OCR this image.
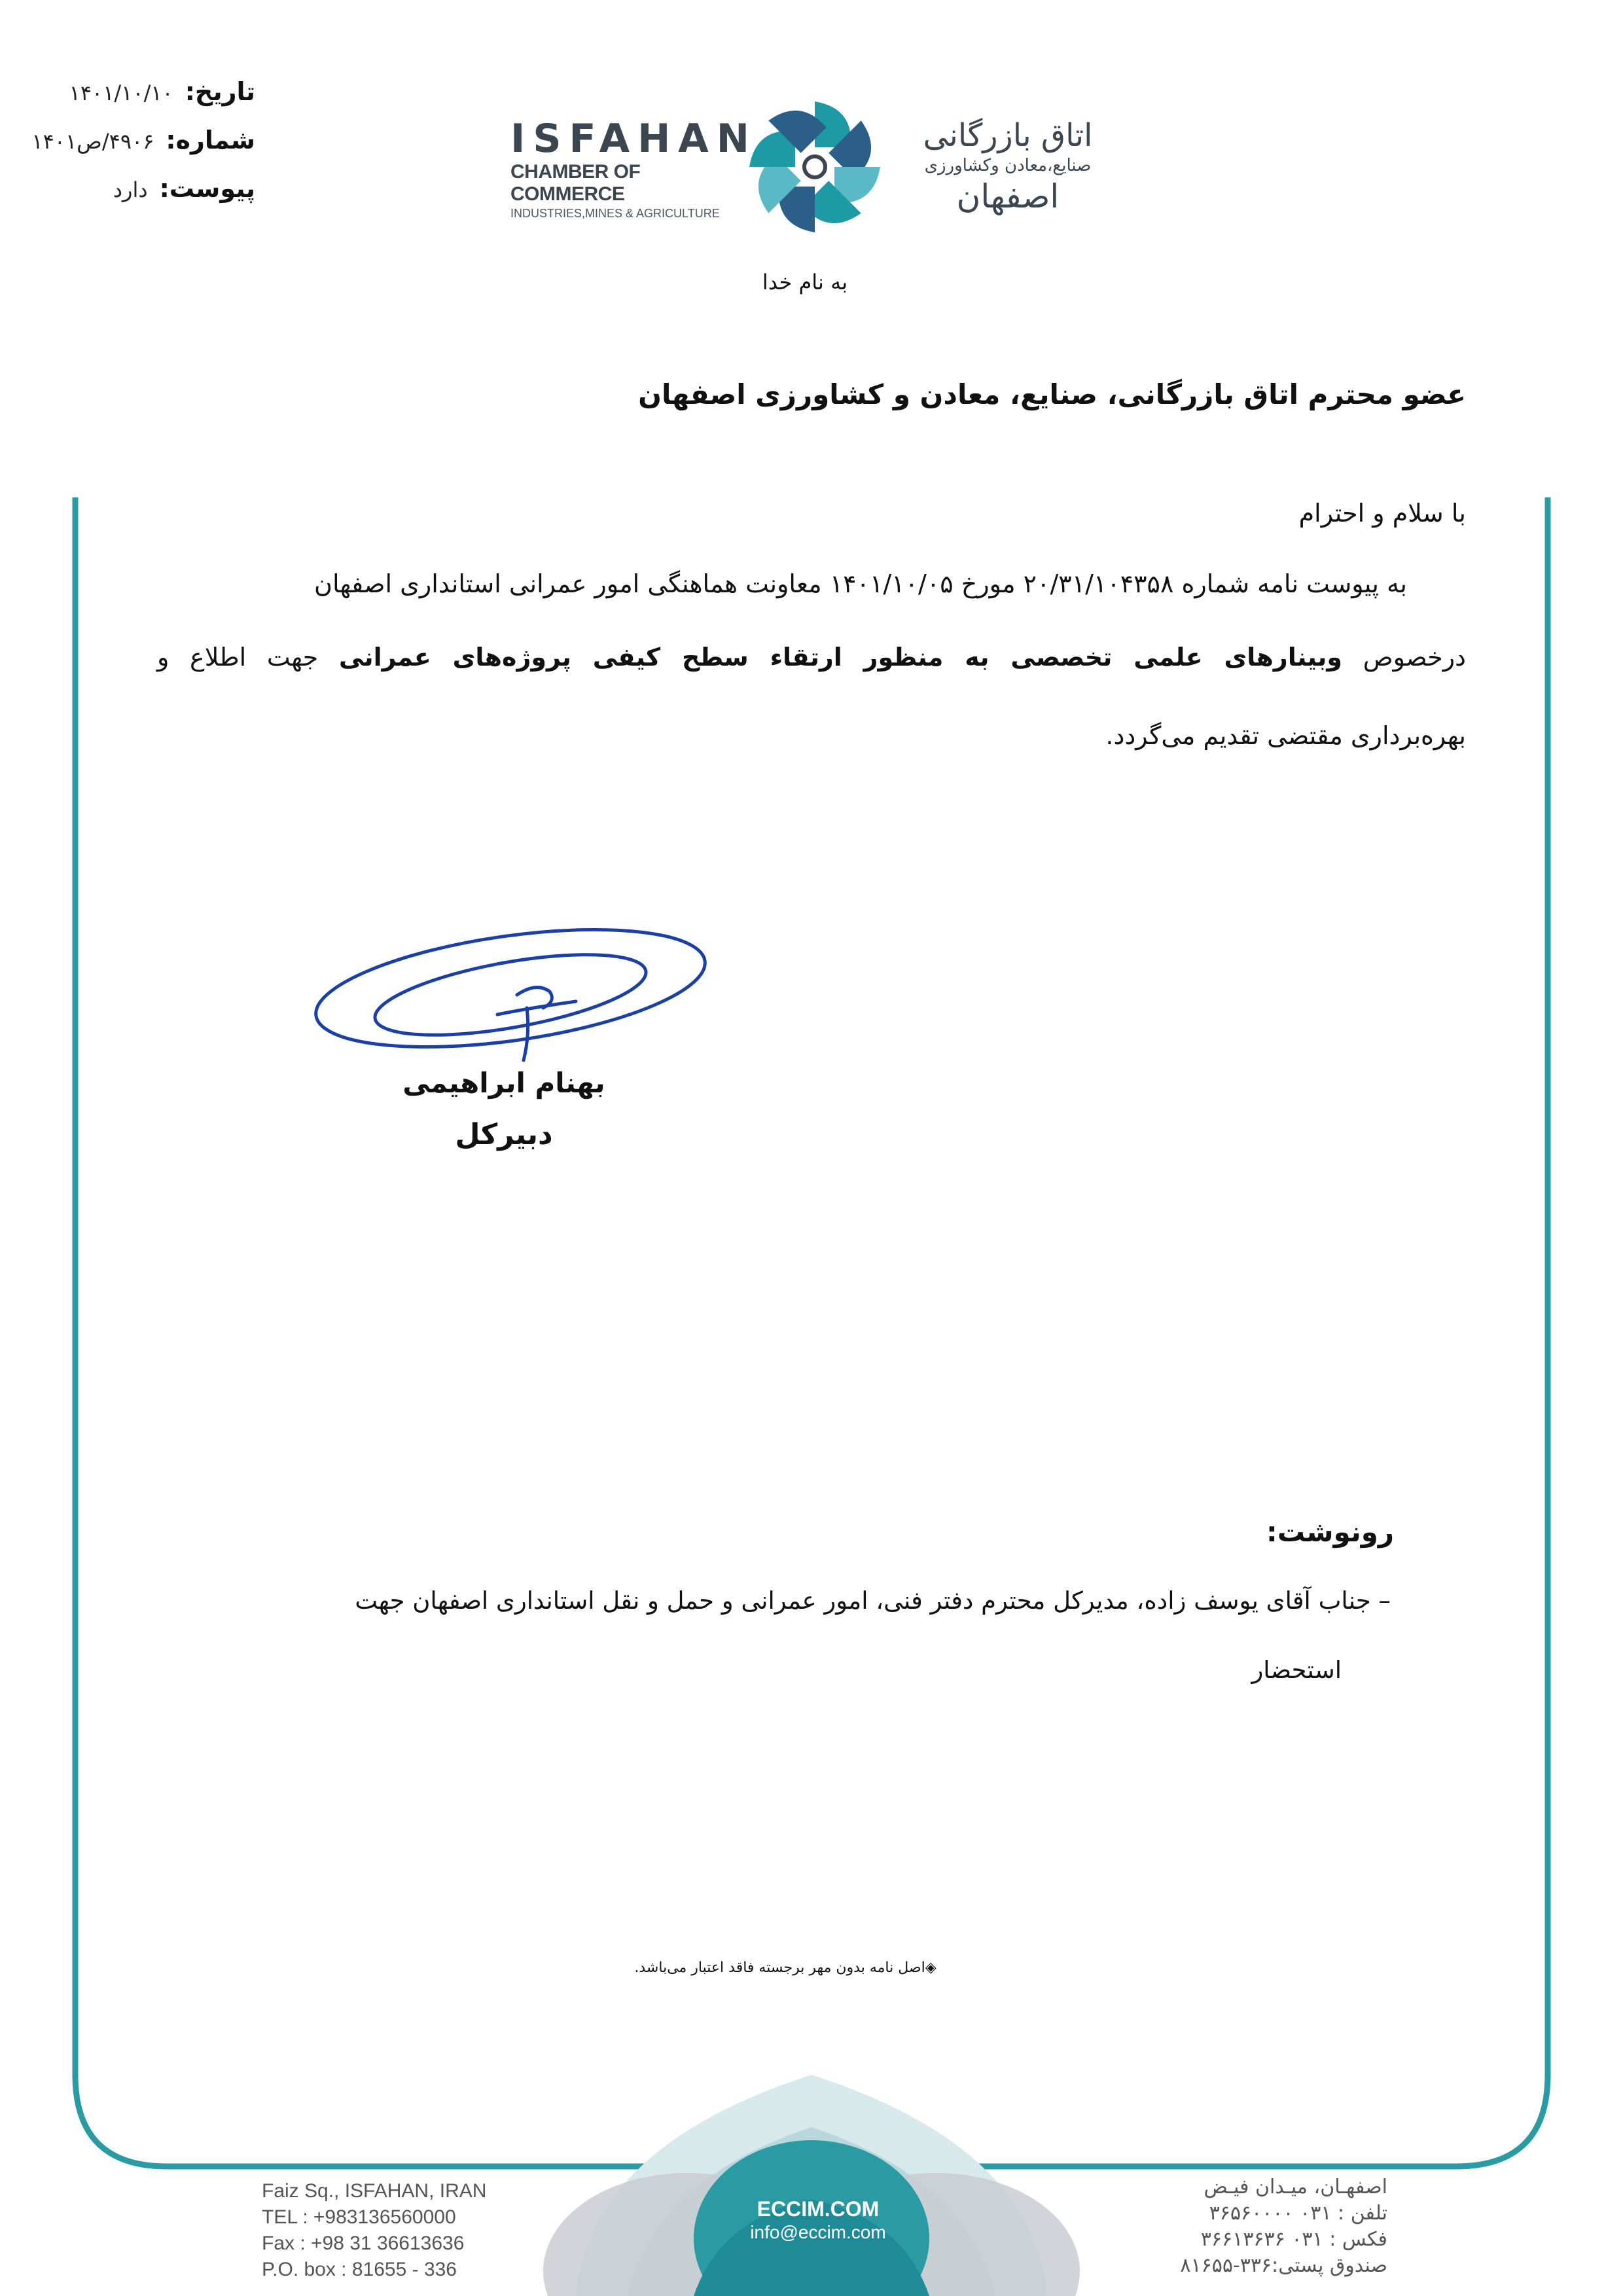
تاریخ:
۱۴۰۱/۱۰/۱۰
شماره:
۴۹۰۶/ص۱۴۰۱
پیوست:
دارد
ISFAHAN
CHAMBER OF COMMERCE
INDUSTRIES,MINES & AGRICULTURE
اتاق بازرگانی
صنایع،معادن وکشاورزی
اصفهان
به نام خدا
عضو محترم اتاق بازرگانی، صنایع، معادن و کشاورزی اصفهان
با سلام و احترام
به پیوست نامه شماره ۲۰/۳۱/۱۰۴۳۵۸ مورخ ۱۴۰۱/۱۰/۰۵ معاونت هماهنگی امور عمرانی استانداری اصفهان
درخصوص وبینارهای علمی تخصصی به منظور ارتقاء سطح کیفی پروژه‌های عمرانی جهت اطلاع و
بهره‌برداری مقتضی تقدیم می‌گردد.
بهنام ابراهیمی
دبیرکل
رونوشت:
– جناب آقای یوسف زاده، مدیرکل محترم دفتر فنی، امور عمرانی و حمل و نقل استانداری اصفهان جهت
استحضار
◈اصل نامه بدون مهر برجسته فاقد اعتبار می‌باشد.
Faiz Sq., ISFAHAN, IRAN
TEL : +983136560000
Fax : +98 31 36613636
P.O. box : 81655 - 336
ECCIM.COM
info@eccim.com
اصفهـان، میـدان فیـض
تلفن : ۰۳۱ ۳۶۵۶۰۰۰۰
فکس : ۰۳۱ ۳۶۶۱۳۶۳۶
صندوق پستی:۳۳۶-۸۱۶۵۵
